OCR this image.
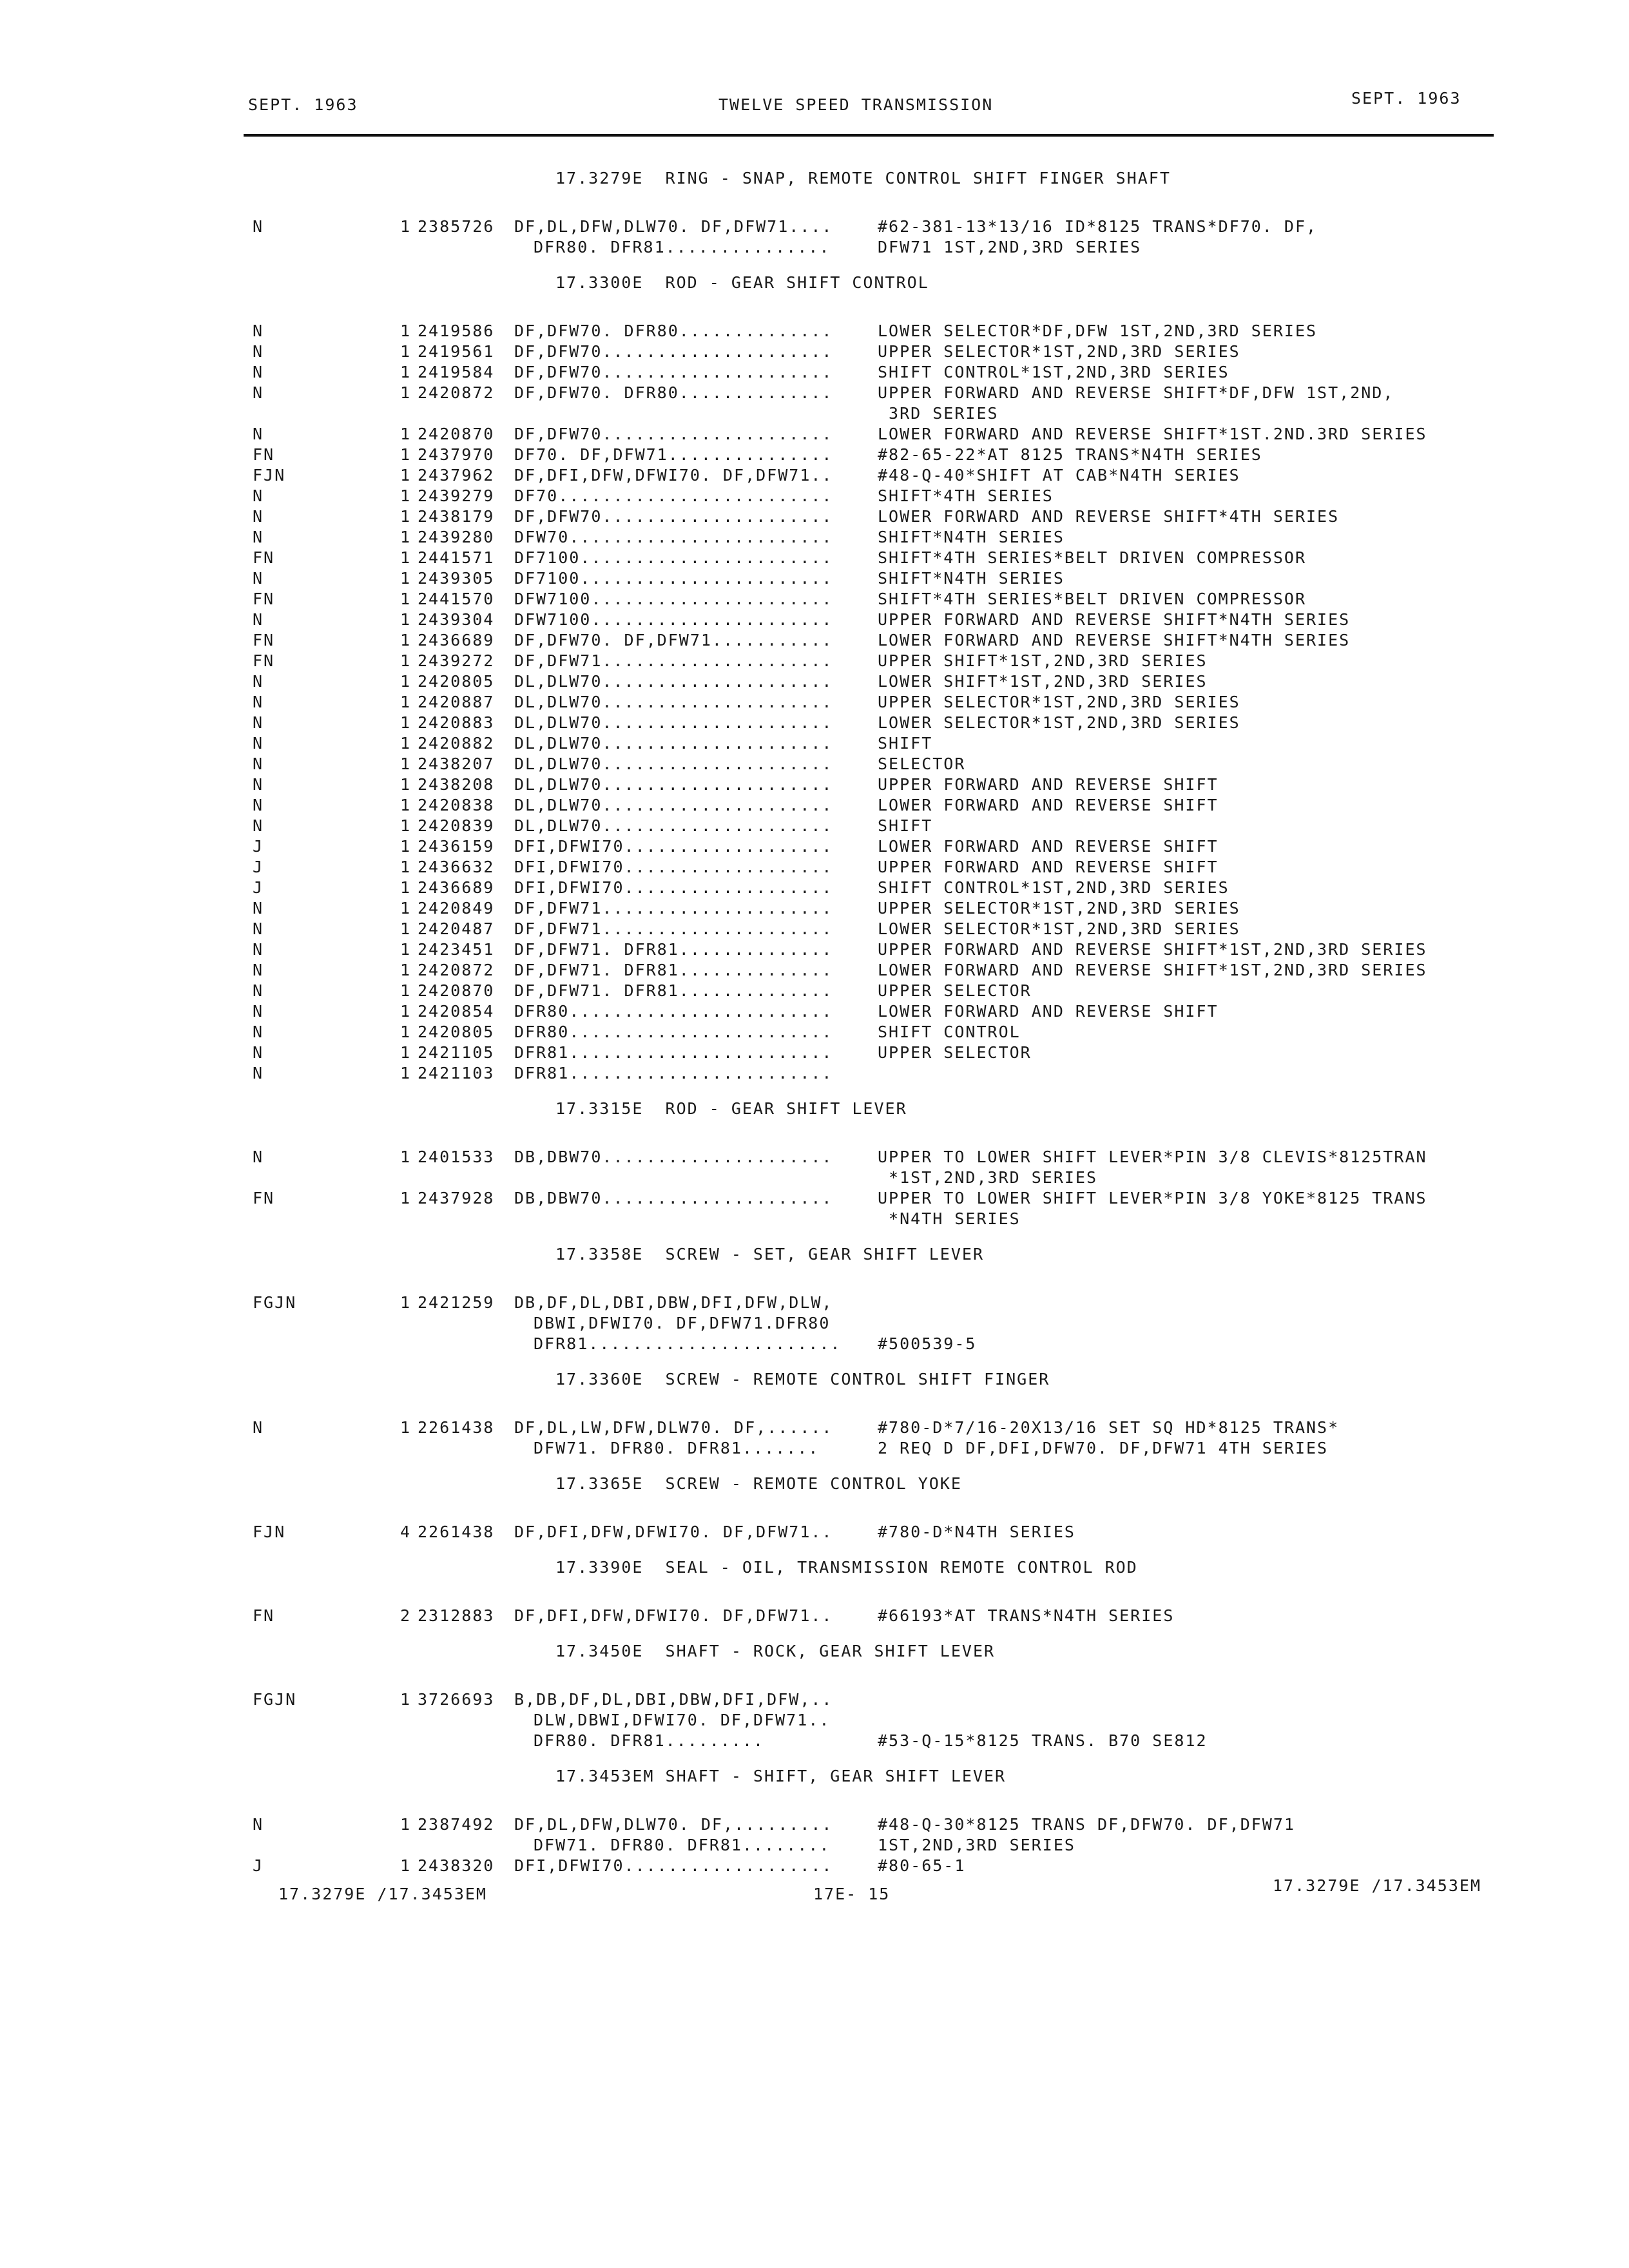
SEPT. 1963	TWELVE SPEED TRANSMISSION	SEPT. 1963
17.3279E  RING - SNAP, REMOTE CONTROL SHIFT FINGER SHAFT
N	1 2385726 DF,DL,DFW,DLW70. DF,DFW71....	#62-381-13*13/16 ID*8125 TRANS*DF70. DF,
DFR80. DFR81...............	DFW71 1ST,2ND,3RD SERIES
17.3300E  ROD - GEAR SHIFT CONTROL
N	1 2419586 DF,DFW70. DFR80..............	LOWER SELECTOR*DF,DFW 1ST,2ND,3RD SERIES
N	1 2419561 DF,DFW70.....................	UPPER SELECTOR*1ST,2ND,3RD SERIES
N	1 2419584 DF,DFW70.....................	SHIFT CONTROL*1ST,2ND,3RD SERIES
N	1 2420872 DF,DFW70. DFR80..............	UPPER FORWARD AND REVERSE SHIFT*DF,DFW 1ST,2ND,
3RD SERIES
N	1 2420870 DF,DFW70.....................	LOWER FORWARD AND REVERSE SHIFT*1ST.2ND.3RD SERIES
FN	1 2437970 DF70. DF,DFW71...............	#82-65-22*AT 8125 TRANS*N4TH SERIES
FJN	1 2437962 DF,DFI,DFW,DFWI70. DF,DFW71..	#48-Q-40*SHIFT AT CAB*N4TH SERIES
N	1 2439279 DF70.........................	SHIFT*4TH SERIES
N	1 2438179 DF,DFW70.....................	LOWER FORWARD AND REVERSE SHIFT*4TH SERIES
N	1 2439280 DFW70........................	SHIFT*N4TH SERIES
FN	1 2441571 DF7100.......................	SHIFT*4TH SERIES*BELT DRIVEN COMPRESSOR
N	1 2439305 DF7100.......................	SHIFT*N4TH SERIES
FN	1 2441570 DFW7100......................	SHIFT*4TH SERIES*BELT DRIVEN COMPRESSOR
N	1 2439304 DFW7100......................	UPPER FORWARD AND REVERSE SHIFT*N4TH SERIES
FN	1 2436689 DF,DFW70. DF,DFW71...........	LOWER FORWARD AND REVERSE SHIFT*N4TH SERIES
FN	1 2439272 DF,DFW71.....................	UPPER SHIFT*1ST,2ND,3RD SERIES
N	1 2420805 DL,DLW70.....................	LOWER SHIFT*1ST,2ND,3RD SERIES
N	1 2420887 DL,DLW70.....................	UPPER SELECTOR*1ST,2ND,3RD SERIES
N	1 2420883 DL,DLW70.....................	LOWER SELECTOR*1ST,2ND,3RD SERIES
N	1 2420882 DL,DLW70.....................	SHIFT
N	1 2438207 DL,DLW70.....................	SELECTOR
N	1 2438208 DL,DLW70.....................	UPPER FORWARD AND REVERSE SHIFT
N	1 2420838 DL,DLW70.....................	LOWER FORWARD AND REVERSE SHIFT
N	1 2420839 DL,DLW70.....................	SHIFT
J	1 2436159 DFI,DFWI70...................	LOWER FORWARD AND REVERSE SHIFT
J	1 2436632 DFI,DFWI70...................	UPPER FORWARD AND REVERSE SHIFT
J	1 2436689 DFI,DFWI70...................	SHIFT CONTROL*1ST,2ND,3RD SERIES
N	1 2420849 DF,DFW71.....................	UPPER SELECTOR*1ST,2ND,3RD SERIES
N	1 2420487 DF,DFW71.....................	LOWER SELECTOR*1ST,2ND,3RD SERIES
N	1 2423451 DF,DFW71. DFR81..............	UPPER FORWARD AND REVERSE SHIFT*1ST,2ND,3RD SERIES
N	1 2420872 DF,DFW71. DFR81..............	LOWER FORWARD AND REVERSE SHIFT*1ST,2ND,3RD SERIES
N	1 2420870 DF,DFW71. DFR81..............	UPPER SELECTOR
N	1 2420854 DFR80........................	LOWER FORWARD AND REVERSE SHIFT
N	1 2420805 DFR80........................	SHIFT CONTROL
N	1 2421105 DFR81........................	UPPER SELECTOR
N	1 2421103 DFR81........................
17.3315E  ROD - GEAR SHIFT LEVER
N	1 2401533 DB,DBW70.....................	UPPER TO LOWER SHIFT LEVER*PIN 3/8 CLEVIS*8125TRAN
*1ST,2ND,3RD SERIES
FN	1 2437928 DB,DBW70.....................	UPPER TO LOWER SHIFT LEVER*PIN 3/8 YOKE*8125 TRANS
*N4TH SERIES
17.3358E  SCREW - SET, GEAR SHIFT LEVER
FGJN	1 2421259 DB,DF,DL,DBI,DBW,DFI,DFW,DLW,
DBWI,DFWI70. DF,DFW71.DFR80
DFR81....................... #500539-5
17.3360E  SCREW - REMOTE CONTROL SHIFT FINGER
N	1 2261438 DF,DL,LW,DFW,DLW70. DF,......	#780-D*7/16-20X13/16 SET SQ HD*8125 TRANS*
DFW71. DFR80. DFR81.......	2 REQ D DF,DFI,DFW70. DF,DFW71 4TH SERIES
17.3365E  SCREW - REMOTE CONTROL YOKE
FJN	4 2261438 DF,DFI,DFW,DFWI70. DF,DFW71..	#780-D*N4TH SERIES
17.3390E  SEAL - OIL, TRANSMISSION REMOTE CONTROL ROD
FN	2 2312883 DF,DFI,DFW,DFWI70. DF,DFW71..	#66193*AT TRANS*N4TH SERIES
17.3450E  SHAFT - ROCK, GEAR SHIFT LEVER
FGJN	1 3726693 B,DB,DF,DL,DBI,DBW,DFI,DFW,..
DLW,DBWI,DFWI70. DF,DFW71..
DFR80. DFR81.........	#53-Q-15*8125 TRANS. B70 SE812
17.3453EM SHAFT - SHIFT, GEAR SHIFT LEVER
N	1 2387492 DF,DL,DFW,DLW70. DF,.........	#48-Q-30*8125 TRANS DF,DFW70. DF,DFW71
DFW71. DFR80. DFR81........	1ST,2ND,3RD SERIES
J	1 2438320 DFI,DFWI70...................	#80-65-1
17.3279E /17.3453EM	17E- 15	17.3279E /17.3453EM
